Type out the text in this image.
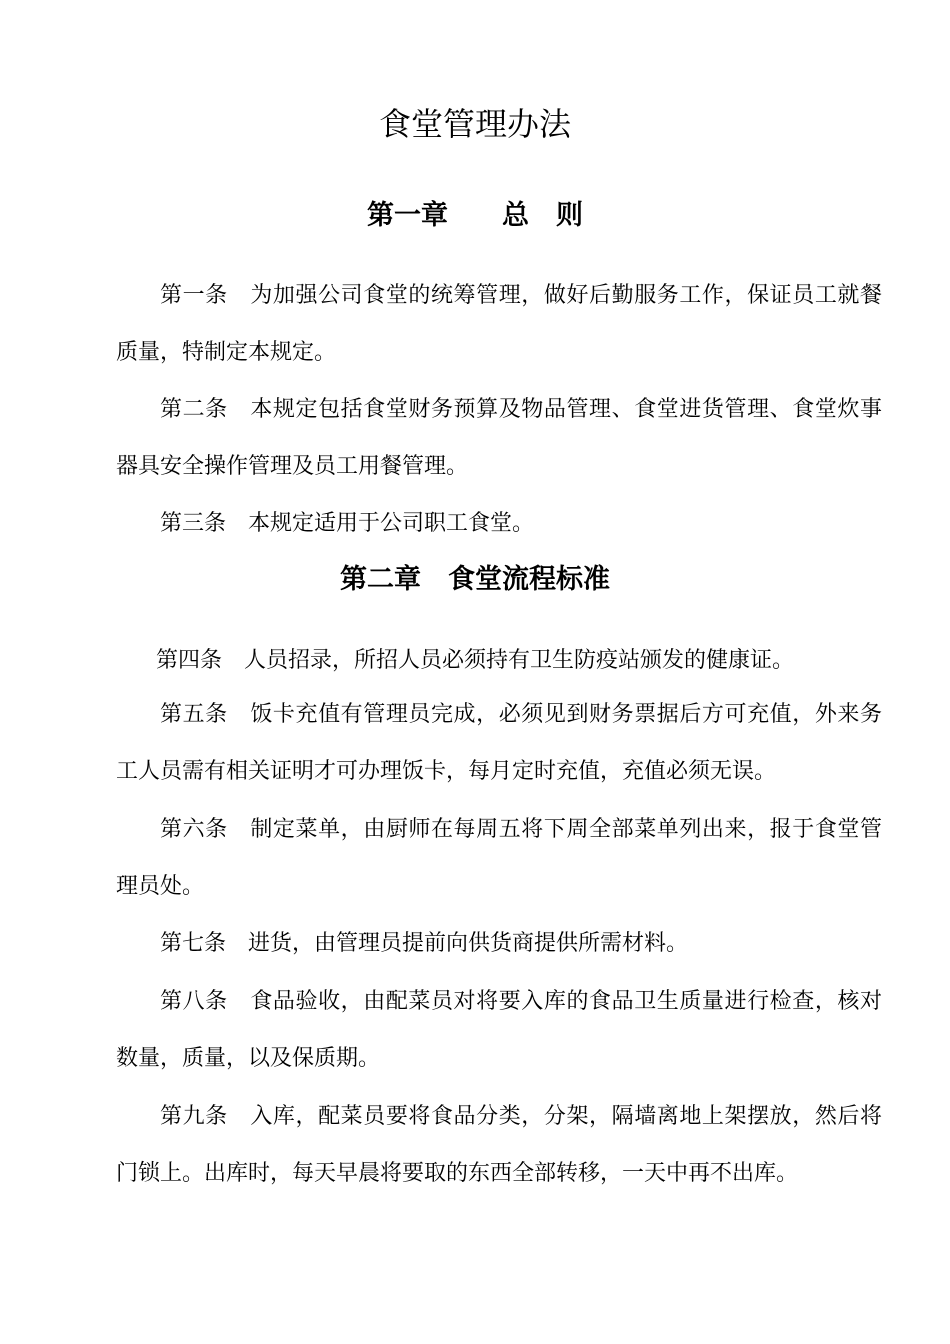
食堂管理办法
第一章　　总　则

第一条　 为加强公司食堂的统筹管理，做好后勤服务工作，保证员工就餐质量，特制定本规定。

第二条　 本规定包括食堂财务预算及物品管理、食堂进货管理、食堂炊事器具安全操作管理及员工用餐管理。

第三条　 本规定适用于公司职工食堂。

第二章　食堂流程标准

第四条　 人员招录，所招人员必须持有卫生防疫站颁发的健康证。

第五条　 饭卡充值有管理员完成，必须见到财务票据后方可充值，外来务工人员需有相关证明才可办理饭卡，每月定时充值，充值必须无误。

第六条　 制定菜单，由厨师在每周五将下周全部菜单列出来，报于食堂管理员处。

第七条　 进货，由管理员提前向供货商提供所需材料。

第八条　 食品验收，由配菜员对将要入库的食品卫生质量进行检查，核对数量，质量，以及保质期。

第九条　 入库，配菜员要将食品分类，分架，隔墙离地上架摆放，然后将门锁上。出库时，每天早晨将要取的东西全部转移，一天中再不出库。
